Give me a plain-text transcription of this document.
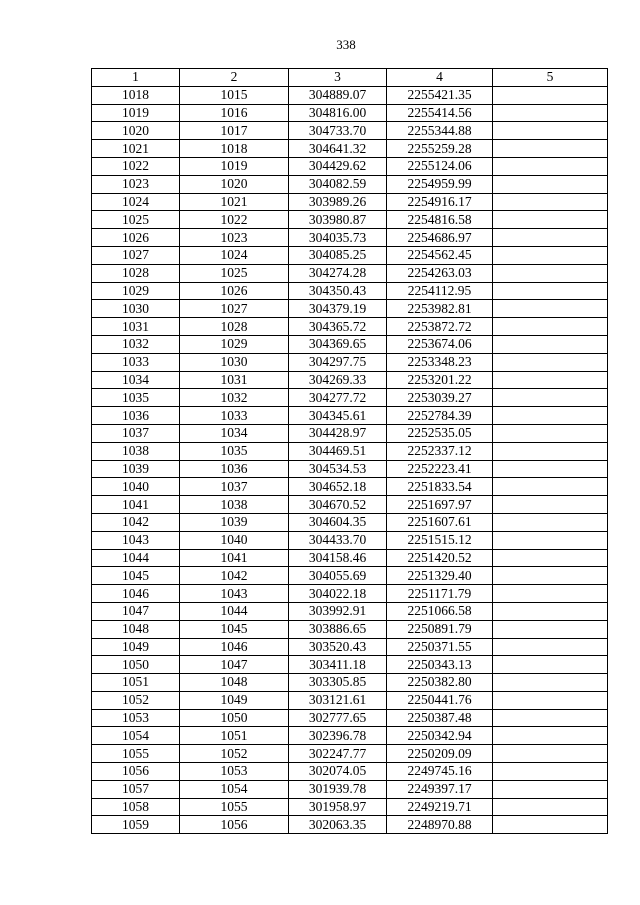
338
1	2	3	4	5
1018	1015	304889.07	2255421.35	
1019	1016	304816.00	2255414.56	
1020	1017	304733.70	2255344.88	
1021	1018	304641.32	2255259.28	
1022	1019	304429.62	2255124.06	
1023	1020	304082.59	2254959.99	
1024	1021	303989.26	2254916.17	
1025	1022	303980.87	2254816.58	
1026	1023	304035.73	2254686.97	
1027	1024	304085.25	2254562.45	
1028	1025	304274.28	2254263.03	
1029	1026	304350.43	2254112.95	
1030	1027	304379.19	2253982.81	
1031	1028	304365.72	2253872.72	
1032	1029	304369.65	2253674.06	
1033	1030	304297.75	2253348.23	
1034	1031	304269.33	2253201.22	
1035	1032	304277.72	2253039.27	
1036	1033	304345.61	2252784.39	
1037	1034	304428.97	2252535.05	
1038	1035	304469.51	2252337.12	
1039	1036	304534.53	2252223.41	
1040	1037	304652.18	2251833.54	
1041	1038	304670.52	2251697.97	
1042	1039	304604.35	2251607.61	
1043	1040	304433.70	2251515.12	
1044	1041	304158.46	2251420.52	
1045	1042	304055.69	2251329.40	
1046	1043	304022.18	2251171.79	
1047	1044	303992.91	2251066.58	
1048	1045	303886.65	2250891.79	
1049	1046	303520.43	2250371.55	
1050	1047	303411.18	2250343.13	
1051	1048	303305.85	2250382.80	
1052	1049	303121.61	2250441.76	
1053	1050	302777.65	2250387.48	
1054	1051	302396.78	2250342.94	
1055	1052	302247.77	2250209.09	
1056	1053	302074.05	2249745.16	
1057	1054	301939.78	2249397.17	
1058	1055	301958.97	2249219.71	
1059	1056	302063.35	2248970.88	
